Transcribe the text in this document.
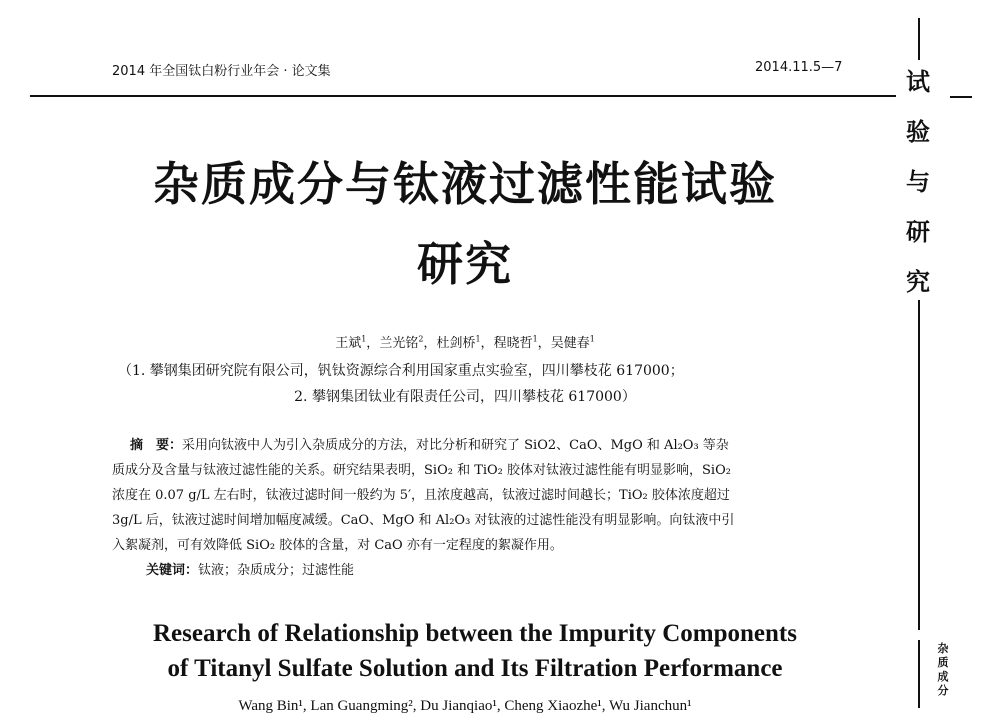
2014 年全国钛白粉行业年会 · 论文集	2014.11.5—7
杂质成分与钛液过滤性能试验
研究
王斌$^1$，兰光铭$^2$，杜剑桥$^1$，程晓哲$^1$，吴健春$^1$
（1. 攀钢集团研究院有限公司，钒钛资源综合利用国家重点实验室，四川攀枝花 617000；
2. 攀钢集团钛业有限责任公司，四川攀枝花 617000）
摘　要：采用向钛液中人为引入杂质成分的方法，对比分析和研究了 SiO2、CaO、MgO 和 Al₂O₃ 等杂
质成分及含量与钛液过滤性能的关系。研究结果表明，SiO₂ 和 TiO₂ 胶体对钛液过滤性能有明显影响，SiO₂
浓度在 0.07 g/L 左右时，钛液过滤时间一般约为 5′，且浓度越高，钛液过滤时间越长；TiO₂ 胶体浓度超过
3g/L 后，钛液过滤时间增加幅度减缓。CaO、MgO 和 Al₂O₃ 对钛液的过滤性能没有明显影响。向钛液中引
入絮凝剂，可有效降低 SiO₂ 胶体的含量，对 CaO 亦有一定程度的絮凝作用。
关键词：钛液；杂质成分；过滤性能
Research of Relationship between the Impurity Components
of Titanyl Sulfate Solution and Its Filtration Performance
Wang Bin¹, Lan Guangming², Du Jianqiao¹, Cheng Xiaozhe¹, Wu Jianchun¹
试
验
与
研
究
杂
质
成
分
